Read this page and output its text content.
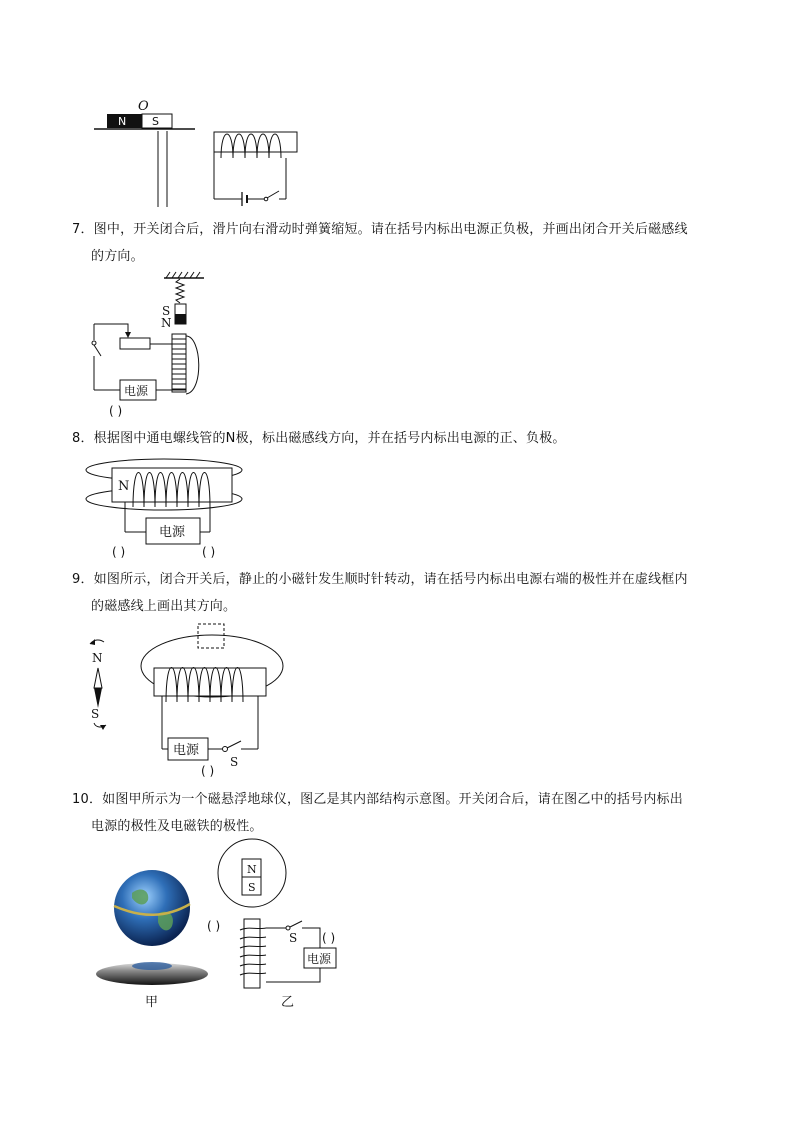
O
N S
7．图中，开关闭合后，滑片向右滑动时弹簧缩短。请在括号内标出电源正负极，并画出闭合开关后磁感线
的方向。
S
N
电源
( )
8．根据图中通电螺线管的N极，标出磁感线方向，并在括号内标出电源的正、负极。
N
电源
( )	( )
9．如图所示，闭合开关后，静止的小磁针发生顺时针转动，请在括号内标出电源右端的极性并在虚线框内
的磁感线上画出其方向。
N
S
电源
S
( )
10．如图甲所示为一个磁悬浮地球仪，图乙是其内部结构示意图。开关闭合后，请在图乙中的括号内标出
电源的极性及电磁铁的极性。
甲
N
S
( )
S ( )
电源
乙
